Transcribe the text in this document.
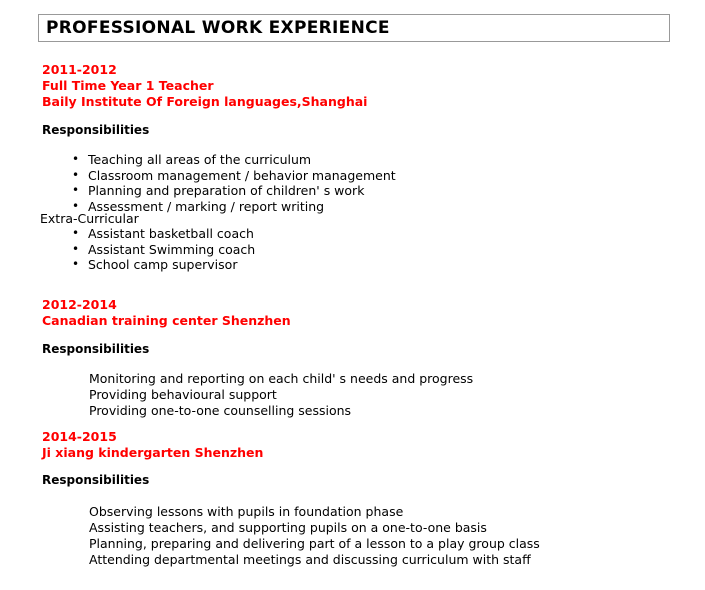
PROFESSIONAL WORK EXPERIENCE
2011-2012
Full Time Year 1 Teacher
Baily Institute Of Foreign languages,Shanghai
Responsibilities
• Teaching all areas of the curriculum
• Classroom management / behavior management
• Planning and preparation of children' s work
• Assessment / marking / report writing
Extra-Curricular
• Assistant basketball coach
• Assistant Swimming coach
• School camp supervisor
2012-2014
Canadian training center Shenzhen
Responsibilities
Monitoring and reporting on each child' s needs and progress
Providing behavioural support
Providing one-to-one counselling sessions
2014-2015
Ji xiang kindergarten Shenzhen
Responsibilities
Observing lessons with pupils in foundation phase
Assisting teachers, and supporting pupils on a one-to-one basis
Planning, preparing and delivering part of a lesson to a play group class
Attending departmental meetings and discussing curriculum with staff
